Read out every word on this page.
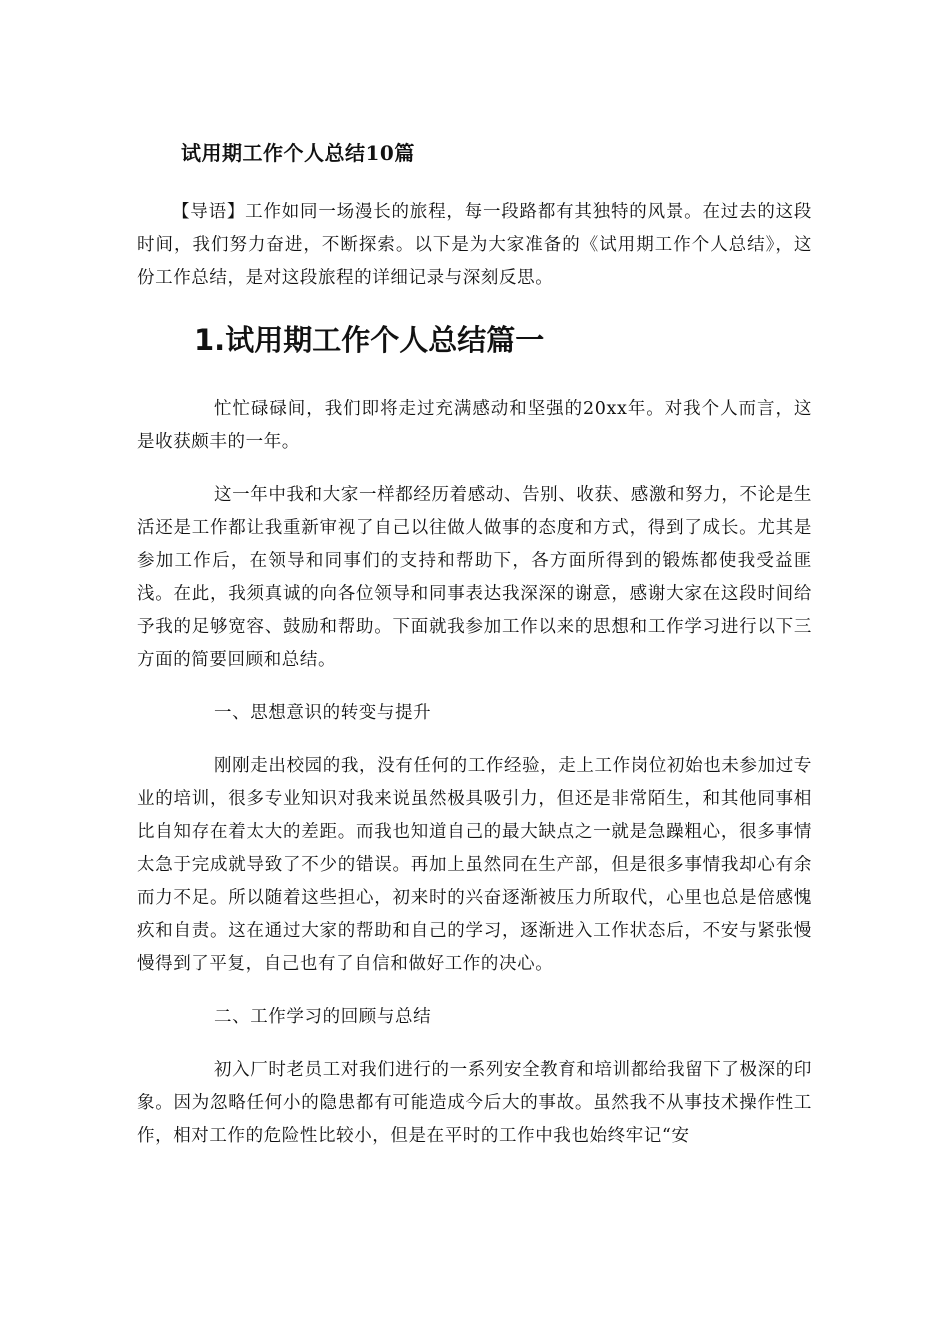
试用期工作个人总结10篇

【导语】工作如同一场漫长的旅程，每一段路都有其独特的风景。在过去的这段时间，我们努力奋进，不断探索。以下是为大家准备的《试用期工作个人总结》，这份工作总结，是对这段旅程的详细记录与深刻反思。

1.试用期工作个人总结篇一

忙忙碌碌间，我们即将走过充满感动和坚强的20xx年。对我个人而言，这是收获颇丰的一年。

这一年中我和大家一样都经历着感动、告别、收获、感激和努力，不论是生活还是工作都让我重新审视了自己以往做人做事的态度和方式，得到了成长。尤其是参加工作后，在领导和同事们的支持和帮助下，各方面所得到的锻炼都使我受益匪浅。在此，我须真诚的向各位领导和同事表达我深深的谢意，感谢大家在这段时间给予我的足够宽容、鼓励和帮助。下面就我参加工作以来的思想和工作学习进行以下三方面的简要回顾和总结。

一、思想意识的转变与提升

刚刚走出校园的我，没有任何的工作经验，走上工作岗位初始也未参加过专业的培训，很多专业知识对我来说虽然极具吸引力，但还是非常陌生，和其他同事相比自知存在着太大的差距。而我也知道自己的最大缺点之一就是急躁粗心，很多事情太急于完成就导致了不少的错误。再加上虽然同在生产部，但是很多事情我却心有余而力不足。所以随着这些担心，初来时的兴奋逐渐被压力所取代，心里也总是倍感愧疚和自责。这在通过大家的帮助和自己的学习，逐渐进入工作状态后，不安与紧张慢慢得到了平复，自己也有了自信和做好工作的决心。

二、工作学习的回顾与总结

初入厂时老员工对我们进行的一系列安全教育和培训都给我留下了极深的印象。因为忽略任何小的隐患都有可能造成今后大的事故。虽然我不从事技术操作性工作，相对工作的危险性比较小，但是在平时的工作中我也始终牢记“安
